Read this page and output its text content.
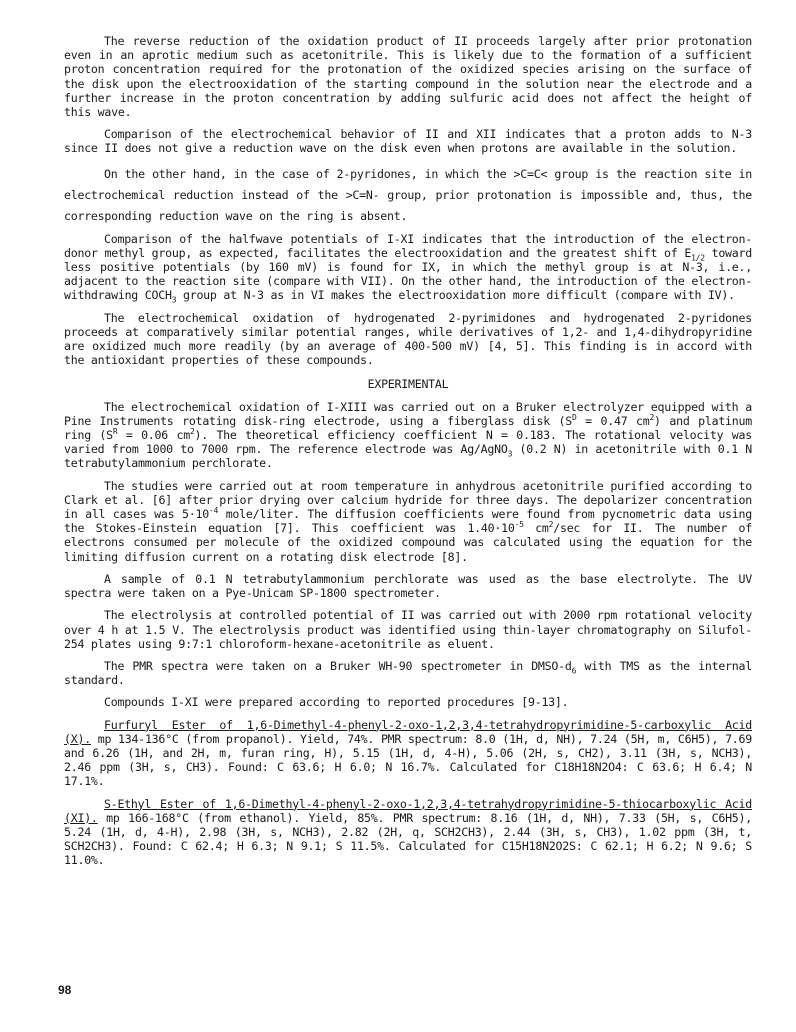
The reverse reduction of the oxidation product of II proceeds largely after prior protonation even in an aprotic medium such as acetonitrile. This is likely due to the formation of a sufficient proton concentration required for the protonation of the oxidized species arising on the surface of the disk upon the electrooxidation of the starting compound in the solution near the electrode and a further increase in the proton concentration by adding sulfuric acid does not affect the height of this wave.

Comparison of the electrochemical behavior of II and XII indicates that a proton adds to N-3 since II does not give a reduction wave on the disk even when protons are available in the solution.

On the other hand, in the case of 2-pyridones, in which the >C=C< group is the reaction site in electrochemical reduction instead of the >C=N- group, prior protonation is impossible and, thus, the corresponding reduction wave on the ring is absent.

Comparison of the halfwave potentials of I-XI indicates that the introduction of the electron-donor methyl group, as expected, facilitates the electrooxidation and the greatest shift of $E_{1/2}$ toward less positive potentials (by 160 mV) is found for IX, in which the methyl group is at N-3, i.e., adjacent to the reaction site (compare with VII). On the other hand, the introduction of the electron-withdrawing $COCH_3$ group at N-3 as in VI makes the electrooxidation more difficult (compare with IV).

The electrochemical oxidation of hydrogenated 2-pyrimidones and hydrogenated 2-pyridones proceeds at comparatively similar potential ranges, while derivatives of 1,2- and 1,4-dihydropyridine are oxidized much more readily (by an average of 400-500 mV) [4, 5]. This finding is in accord with the antioxidant properties of these compounds.

EXPERIMENTAL

The electrochemical oxidation of I-XIII was carried out on a Bruker electrolyzer equipped with a Pine Instruments rotating disk-ring electrode, using a fiberglass disk ($S^D = 0.47$ $cm^2$) and platinum ring ($S^R = 0.06$ $cm^2$). The theoretical efficiency coefficient N = 0.183. The rotational velocity was varied from 1000 to 7000 rpm. The reference electrode was Ag/AgNO$_3$ (0.2 N) in acetonitrile with 0.1 N tetrabutylammonium perchlorate.

The studies were carried out at room temperature in anhydrous acetonitrile purified according to Clark et al. [6] after prior drying over calcium hydride for three days. The depolarizer concentration in all cases was $5\cdot 10^{-4}$ mole/liter. The diffusion coefficients were found from pycnometric data using the Stokes-Einstein equation [7]. This coefficient was $1.40\cdot 10^{-5}$ $cm^2/\sec$ for II. The number of electrons consumed per molecule of the oxidized compound was calculated using the equation for the limiting diffusion current on a rotating disk electrode [8].

A sample of 0.1 N tetrabutylammonium perchlorate was used as the base electrolyte. The UV spectra were taken on a Pye-Unicam SP-1800 spectrometer.

The electrolysis at controlled potential of II was carried out with 2000 rpm rotational velocity over 4 h at 1.5 V. The electrolysis product was identified using thin-layer chromatography on Silufol-254 plates using 9:7:1 chloroform-hexane-acetonitrile as eluent.

The PMR spectra were taken on a Bruker WH-90 spectrometer in DMSO-$d_6$ with TMS as the internal standard.

Compounds I-XI were prepared according to reported procedures [9-13].

Furfuryl Ester of 1,6-Dimethyl-4-phenyl-2-oxo-1,2,3,4-tetrahydropyrimidine-5-carboxylic Acid (X). mp 134-136°C (from propanol). Yield, 74%. PMR spectrum: 8.0 (1H, d, NH), 7.24 (5H, m, C6H5), 7.69 and 6.26 (1H, and 2H, m, furan ring, H), 5.15 (1H, d, 4-H), 5.06 (2H, s, CH2), 3.11 (3H, s, NCH3), 2.46 ppm (3H, s, CH3). Found: C 63.6; H 6.0; N 16.7%. Calculated for C18H18N2O4: C 63.6; H 6.4; N 17.1%.

S-Ethyl Ester of 1,6-Dimethyl-4-phenyl-2-oxo-1,2,3,4-tetrahydropyrimidine-5-thiocarboxylic Acid (XI). mp 166-168°C (from ethanol). Yield, 85%. PMR spectrum: 8.16 (1H, d, NH), 7.33 (5H, s, C6H5), 5.24 (1H, d, 4-H), 2.98 (3H, s, NCH3), 2.82 (2H, q, SCH2CH3), 2.44 (3H, s, CH3), 1.02 ppm (3H, t, SCH2CH3). Found: C 62.4; H 6.3; N 9.1; S 11.5%. Calculated for C15H18N2O2S: C 62.1; H 6.2; N 9.6; S 11.0%.

98
